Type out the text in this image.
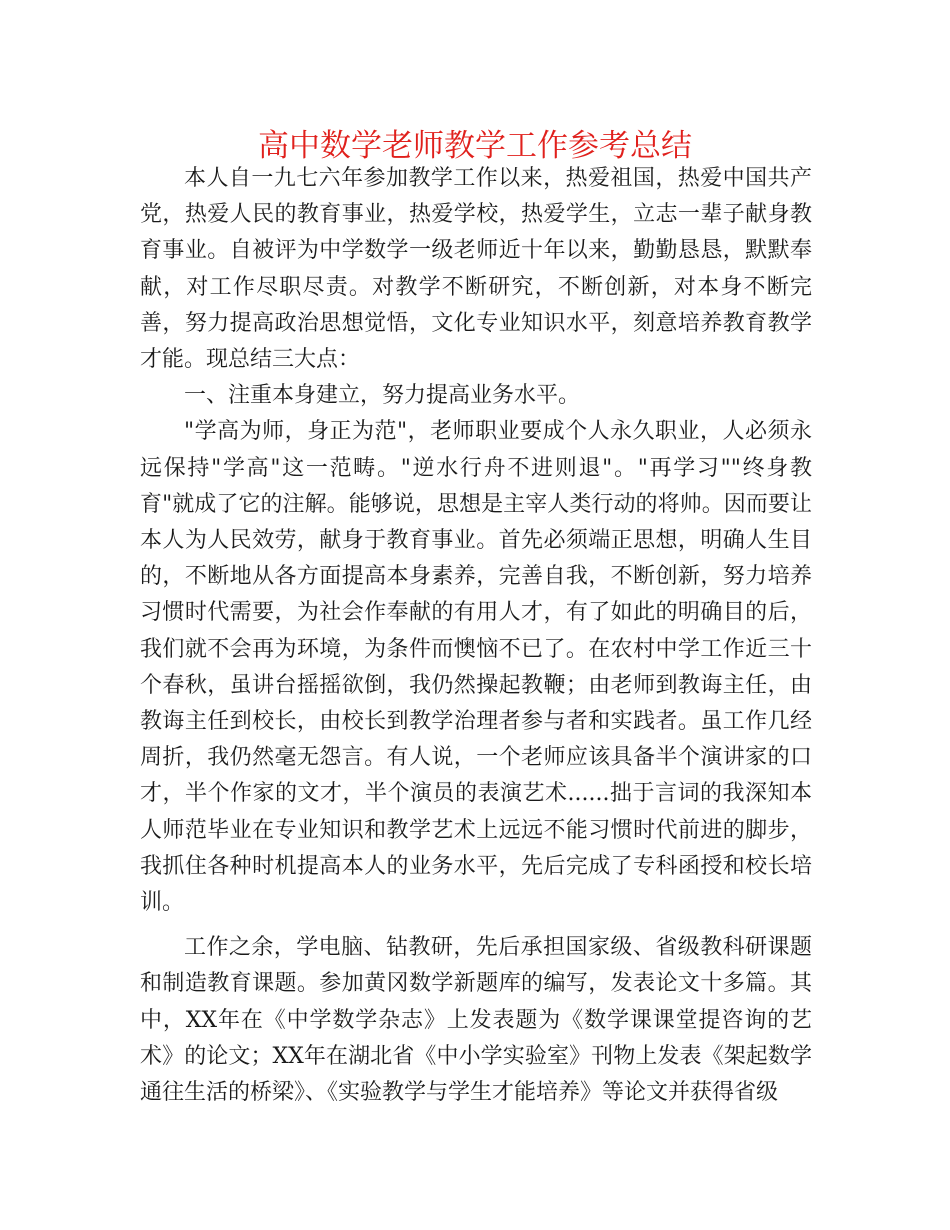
高中数学老师教学工作参考总结

本人自一九七六年参加教学工作以来，热爱祖国，热爱中国共产党，热爱人民的教育事业，热爱学校，热爱学生，立志一辈子献身教育事业。自被评为中学数学一级老师近十年以来，勤勤恳恳，默默奉献，对工作尽职尽责。对教学不断研究，不断创新，对本身不断完善，努力提高政治思想觉悟，文化专业知识水平，刻意培养教育教学才能。现总结三大点：

一、注重本身建立，努力提高业务水平。

"学高为师，身正为范"，老师职业要成个人永久职业，人必须永远保持"学高"这一范畴。"逆水行舟不进则退"。"再学习""终身教育"就成了它的注解。能够说，思想是主宰人类行动的将帅。因而要让本人为人民效劳，献身于教育事业。首先必须端正思想，明确人生目的，不断地从各方面提高本身素养，完善自我，不断创新，努力培养习惯时代需要，为社会作奉献的有用人才，有了如此的明确目的后，我们就不会再为环境，为条件而懊恼不已了。在农村中学工作近三十个春秋，虽讲台摇摇欲倒，我仍然操起教鞭；由老师到教诲主任，由教诲主任到校长，由校长到教学治理者参与者和实践者。虽工作几经周折，我仍然毫无怨言。有人说，一个老师应该具备半个演讲家的口才，半个作家的文才，半个演员的表演艺术......拙于言词的我深知本人师范毕业在专业知识和教学艺术上远远不能习惯时代前进的脚步，我抓住各种时机提高本人的业务水平，先后完成了专科函授和校长培训。

工作之余，学电脑、钻教研，先后承担国家级、省级教科研课题和制造教育课题。参加黄冈数学新题库的编写，发表论文十多篇。其中，XX年在《中学数学杂志》上发表题为《数学课课堂提咨询的艺术》的论文；XX年在湖北省《中小学实验室》刊物上发表《架起数学通往生活的桥梁》、《实验教学与学生才能培养》等论文并获得省级
